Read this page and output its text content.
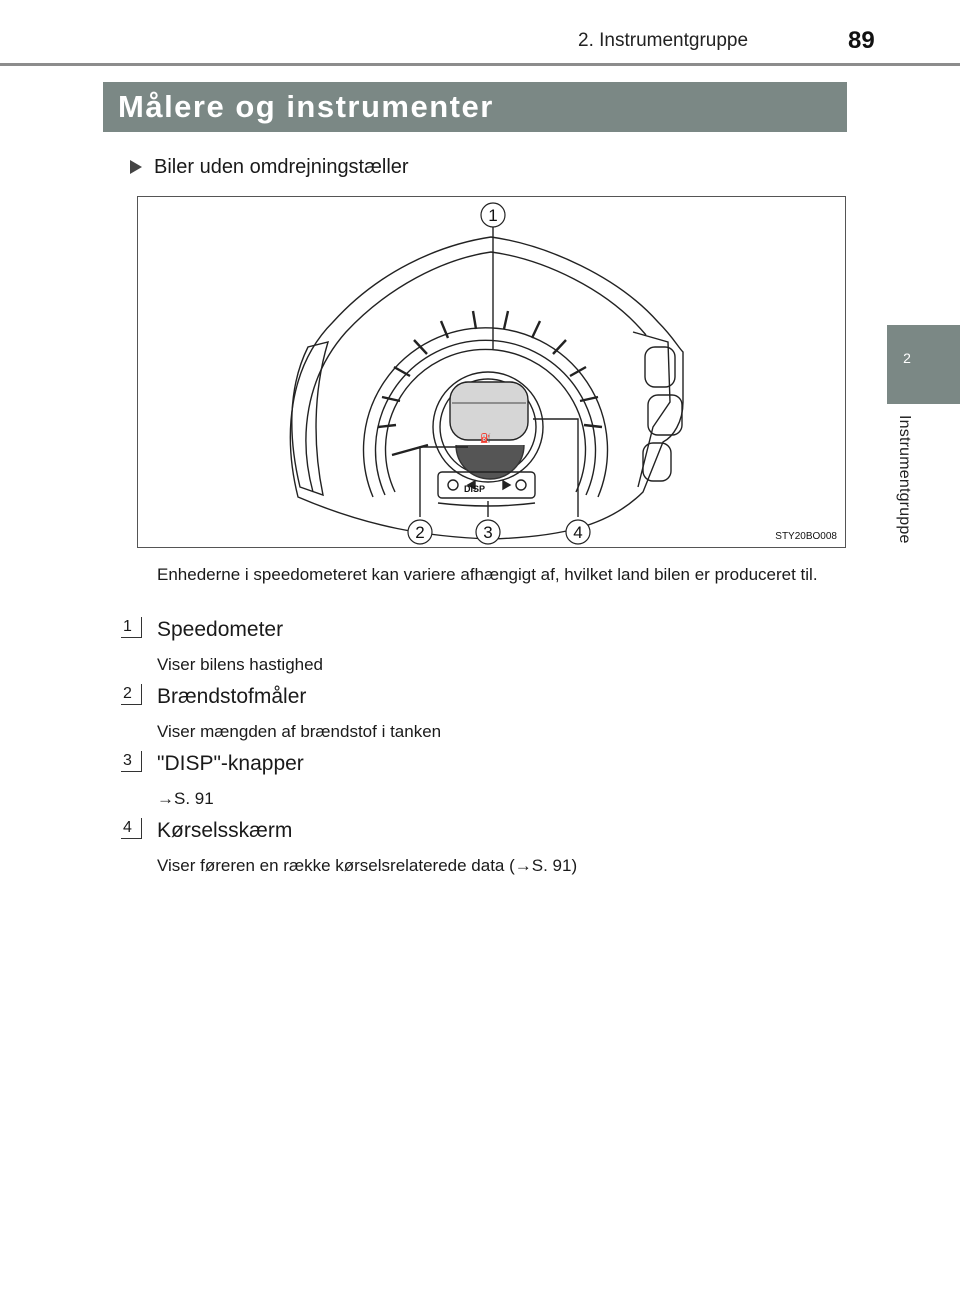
2. Instrumentgruppe	89
2
Instrumentgruppe
Målere og instrumenter
Biler uden omdrejningstæller
DISP
⛽
1
2	3	4	STY20BO008
Enhederne i speedometeret kan variere afhængigt af, hvilket land bilen er produceret til.
1	Speedometer
Viser bilens hastighed
2	Brændstofmåler
Viser mængden af brændstof i tanken
3	"DISP"-knapper
→S. 91
4	Kørselsskærm
Viser føreren en række kørselsrelaterede data (→S. 91)
